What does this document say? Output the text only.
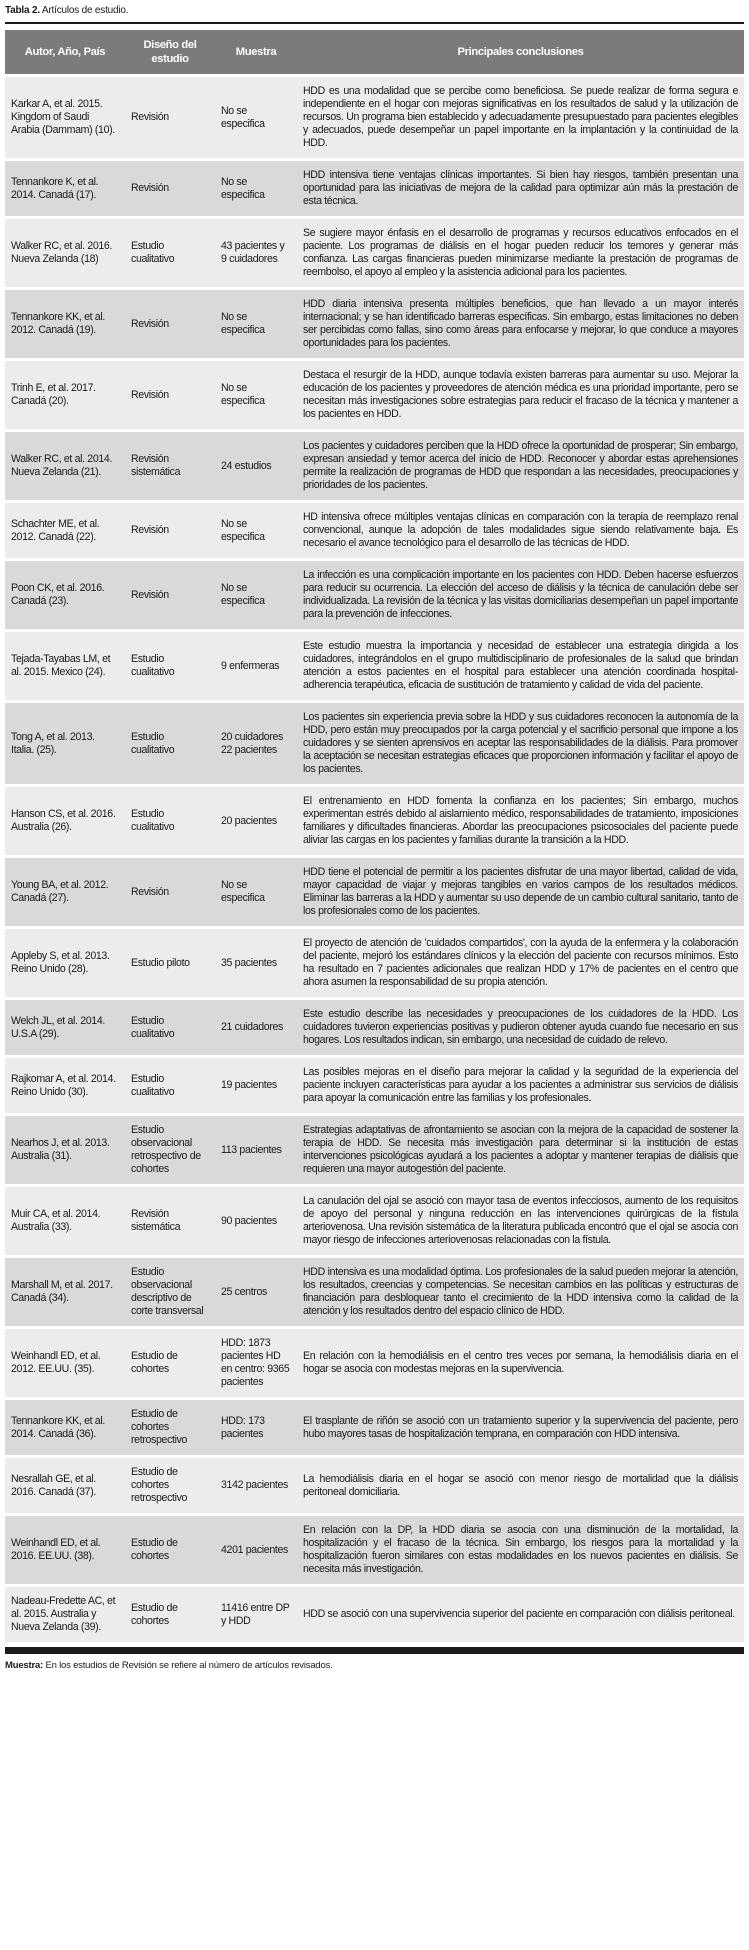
Tabla 2. Artículos de estudio.
Autor, Año, País	Diseño del estudio	Muestra	Principales conclusiones
Karkar A, et al. 2015. Kingdom of Saudi Arabia (Dammam) (10).	Revisión	No se especifica	HDD es una modalidad que se percibe como beneficiosa. Se puede realizar de forma segura e independiente en el hogar con mejoras significativas en los resultados de salud y la utilización de recursos. Un programa bien establecido y adecuadamente presupuestado para pacientes elegibles y adecuados, puede desempeñar un papel importante en la implantación y la continuidad de la HDD.
Tennankore K, et al. 2014. Canadá (17).	Revisión	No se especifica	HDD intensiva tiene ventajas clínicas importantes. Si bien hay riesgos, también presentan una oportunidad para las iniciativas de mejora de la calidad para optimizar aún más la prestación de esta técnica.
Walker RC, et al. 2016. Nueva Zelanda (18)	Estudio cualitativo	43 pacientes y 9 cuidadores	Se sugiere mayor énfasis en el desarrollo de programas y recursos educativos enfocados en el paciente. Los programas de diálisis en el hogar pueden reducir los temores y generar más confianza. Las cargas financieras pueden minimizarse mediante la prestación de programas de reembolso, el apoyo al empleo y la asistencia adicional para los pacientes.
Tennankore KK, et al. 2012. Canadá (19).	Revisión	No se especifica	HDD diaria intensiva presenta múltiples beneficios, que han llevado a un mayor interés internacional; y se han identificado barreras específicas. Sin embargo, estas limitaciones no deben ser percibidas como fallas, sino como áreas para enfocarse y mejorar, lo que conduce a mayores oportunidades para los pacientes.
Trinh E, et al. 2017. Canadá (20).	Revisión	No se especifica	Destaca el resurgir de la HDD, aunque todavía existen barreras para aumentar su uso. Mejorar la educación de los pacientes y proveedores de atención médica es una prioridad importante, pero se necesitan más investigaciones sobre estrategias para reducir el fracaso de la técnica y mantener a los pacientes en HDD.
Walker RC, et al. 2014. Nueva Zelanda (21).	Revisión sistemática	24 estudios	Los pacientes y cuidadores perciben que la HDD ofrece la oportunidad de prosperar; Sin embargo, expresan ansiedad y temor acerca del inicio de HDD. Reconocer y abordar estas aprehensiones permite la realización de programas de HDD que respondan a las necesidades, preocupaciones y prioridades de los pacientes.
Schachter ME, et al. 2012. Canadá (22).	Revisión	No se especifica	HD intensiva ofrece múltiples ventajas clínicas en comparación con la terapia de reemplazo renal convencional, aunque la adopción de tales modalidades sigue siendo relativamente baja. Es necesario el avance tecnológico para el desarrollo de las técnicas de HDD.
Poon CK, et al. 2016. Canadá (23).	Revisión	No se especifica	La infección es una complicación importante en los pacientes con HDD. Deben hacerse esfuerzos para reducir su ocurrencia. La elección del acceso de diálisis y la técnica de canulación debe ser individualizada. La revisión de la técnica y las visitas domiciliarias desempeñan un papel importante para la prevención de infecciones.
Tejada-Tayabas LM, et al. 2015. Mexico (24).	Estudio cualitativo	9 enfermeras	Este estudio muestra la importancia y necesidad de establecer una estrategia dirigida a los cuidadores, integrándolos en el grupo multidisciplinario de profesionales de la salud que brindan atención a estos pacientes en el hospital para establecer una atención coordinada hospital- adherencia terapéutica, eficacia de sustitución de tratamiento y calidad de vida del paciente.
Tong A, et al. 2013. Italia. (25).	Estudio cualitativo	20 cuidadores 22 pacientes	Los pacientes sin experiencia previa sobre la HDD y sus cuidadores reconocen la autonomía de la HDD, pero están muy preocupados por la carga potencial y el sacrificio personal que impone a los cuidadores y se sienten aprensivos en aceptar las responsabilidades de la diálisis. Para promover la aceptación se necesitan estrategias eficaces que proporcionen información y facilitar el apoyo de los pacientes.
Hanson CS, et al. 2016. Australia (26).	Estudio cualitativo	20 pacientes	El entrenamiento en HDD fomenta la confianza en los pacientes; Sin embargo, muchos experimentan estrés debido al aislamiento médico, responsabilidades de tratamiento, imposiciones familiares y dificultades financieras. Abordar las preocupaciones psicosociales del paciente puede aliviar las cargas en los pacientes y familias durante la transición a la HDD.
Young BA, et al. 2012. Canadá (27).	Revisión	No se especifica	HDD tiene el potencial de permitir a los pacientes disfrutar de una mayor libertad, calidad de vida, mayor capacidad de viajar y mejoras tangibles en varios campos de los resultados médicos. Eliminar las barreras a la HDD y aumentar su uso depende de un cambio cultural sanitario, tanto de los profesionales como de los pacientes.
Appleby S, et al. 2013. Reino Unido (28).	Estudio piloto	35 pacientes	El proyecto de atención de 'cuidados compartidos', con la ayuda de la enfermera y la colaboración del paciente, mejoró los estándares clínicos y la elección del paciente con recursos mínimos. Esto ha resultado en 7 pacientes adicionales que realizan HDD y 17% de pacientes en el centro que ahora asumen la responsabilidad de su propia atención.
Welch JL, et al. 2014. U.S.A (29).	Estudio cualitativo	21 cuidadores	Este estudio describe las necesidades y preocupaciones de los cuidadores de la HDD. Los cuidadores tuvieron experiencias positivas y pudieron obtener ayuda cuando fue necesario en sus hogares. Los resultados indican, sin embargo, una necesidad de cuidado de relevo.
Rajkomar A, et al. 2014. Reino Unido (30).	Estudio cualitativo	19 pacientes	Las posibles mejoras en el diseño para mejorar la calidad y la seguridad de la experiencia del paciente incluyen características para ayudar a los pacientes a administrar sus servicios de diálisis para apoyar la comunicación entre las familias y los profesionales.
Nearhos J, et al. 2013. Australia (31).	Estudio observacional retrospectivo de cohortes	113 pacientes	Estrategias adaptativas de afrontamiento se asocian con la mejora de la capacidad de sostener la terapia de HDD. Se necesita más investigación para determinar si la institución de estas intervenciones psicológicas ayudará a los pacientes a adoptar y mantener terapias de diálisis que requieren una mayor autogestión del paciente.
Muir CA, et al. 2014. Australia (33).	Revisión sistemática	90 pacientes	La canulación del ojal se asoció con mayor tasa de eventos infecciosos, aumento de los requisitos de apoyo del personal y ninguna reducción en las intervenciones quirúrgicas de la fístula arteriovenosa. Una revisión sistemática de la literatura publicada encontró que el ojal se asocia con mayor riesgo de infecciones arteriovenosas relacionadas con la fístula.
Marshall M, et al. 2017. Canadá (34).	Estudio observacional descriptivo de corte transversal	25 centros	HDD intensiva es una modalidad óptima. Los profesionales de la salud pueden mejorar la atención, los resultados, creencias y competencias. Se necesitan cambios en las políticas y estructuras de financiación para desbloquear tanto el crecimiento de la HDD intensiva como la calidad de la atención y los resultados dentro del espacio clínico de HDD.
Weinhandl ED, et al. 2012. EE.UU. (35).	Estudio de cohortes	HDD: 1873 pacientes HD en centro: 9365 pacientes	En relación con la hemodiálisis en el centro tres veces por semana, la hemodiálisis diaria en el hogar se asocia con modestas mejoras en la supervivencia.
Tennankore KK, et al. 2014. Canadá (36).	Estudio de cohortes retrospectivo	HDD: 173 pacientes	El trasplante de riñón se asoció con un tratamiento superior y la supervivencia del paciente, pero hubo mayores tasas de hospitalización temprana, en comparación con HDD intensiva.
Nesrallah GE, et al. 2016. Canadá (37).	Estudio de cohortes retrospectivo	3142 pacientes	La hemodiálisis diaria en el hogar se asoció con menor riesgo de mortalidad que la diálisis peritoneal domiciliaria.
Weinhandl ED, et al. 2016. EE.UU. (38).	Estudio de cohortes	4201 pacientes	En relación con la DP, la HDD diaria se asocia con una disminución de la mortalidad, la hospitalización y el fracaso de la técnica. Sin embargo, los riesgos para la mortalidad y la hospitalización fueron similares con estas modalidades en los nuevos pacientes en diálisis. Se necesita más investigación.
Nadeau-Fredette AC, et al. 2015. Australia y Nueva Zelanda (39).	Estudio de cohortes	11416 entre DP y HDD	HDD se asoció con una supervivencia superior del paciente en comparación con diálisis peritoneal.
Muestra: En los estudios de Revisión se refiere al número de artículos revisados.
